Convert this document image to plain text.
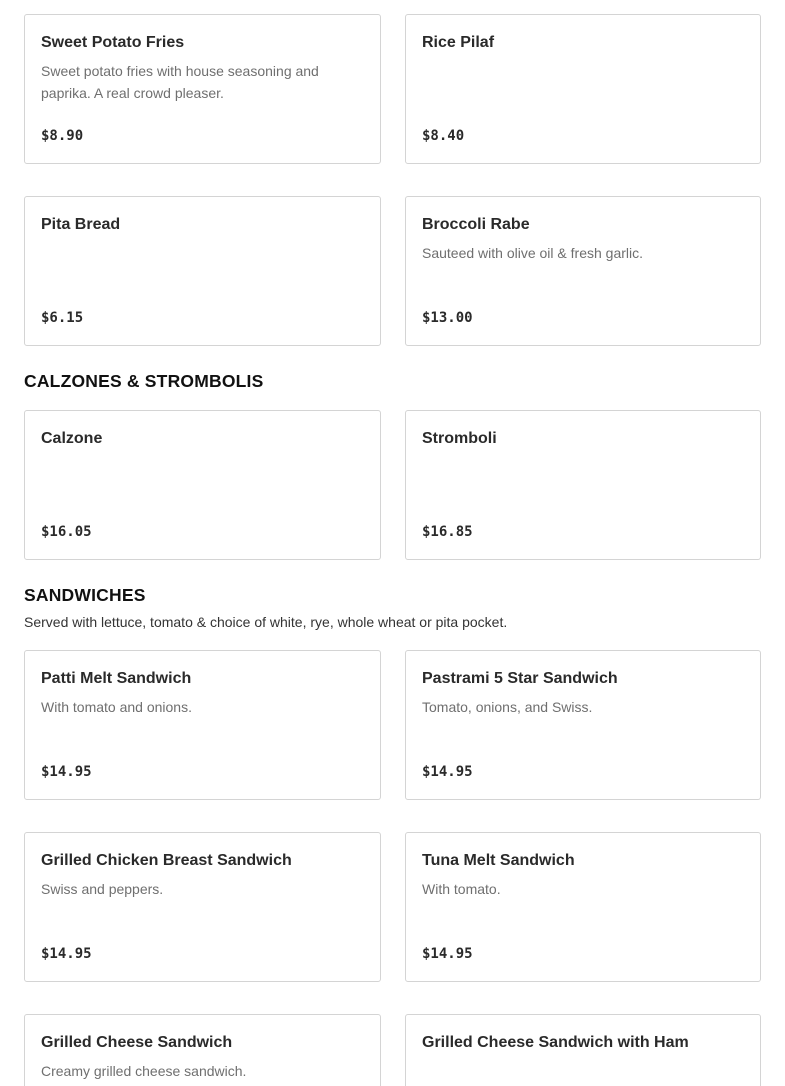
Sweet Potato Fries
Sweet potato fries with house seasoning and paprika. A real crowd pleaser.
$8.90
Rice Pilaf
$8.40
Pita Bread
$6.15
Broccoli Rabe
Sauteed with olive oil & fresh garlic.
$13.00
CALZONES & STROMBOLIS
Calzone
$16.05
Stromboli
$16.85
SANDWICHES
Served with lettuce, tomato & choice of white, rye, whole wheat or pita pocket.
Patti Melt Sandwich
With tomato and onions.
$14.95
Pastrami 5 Star Sandwich
Tomato, onions, and Swiss.
$14.95
Grilled Chicken Breast Sandwich
Swiss and peppers.
$14.95
Tuna Melt Sandwich
With tomato.
$14.95
Grilled Cheese Sandwich
Creamy grilled cheese sandwich.
Grilled Cheese Sandwich with Ham
